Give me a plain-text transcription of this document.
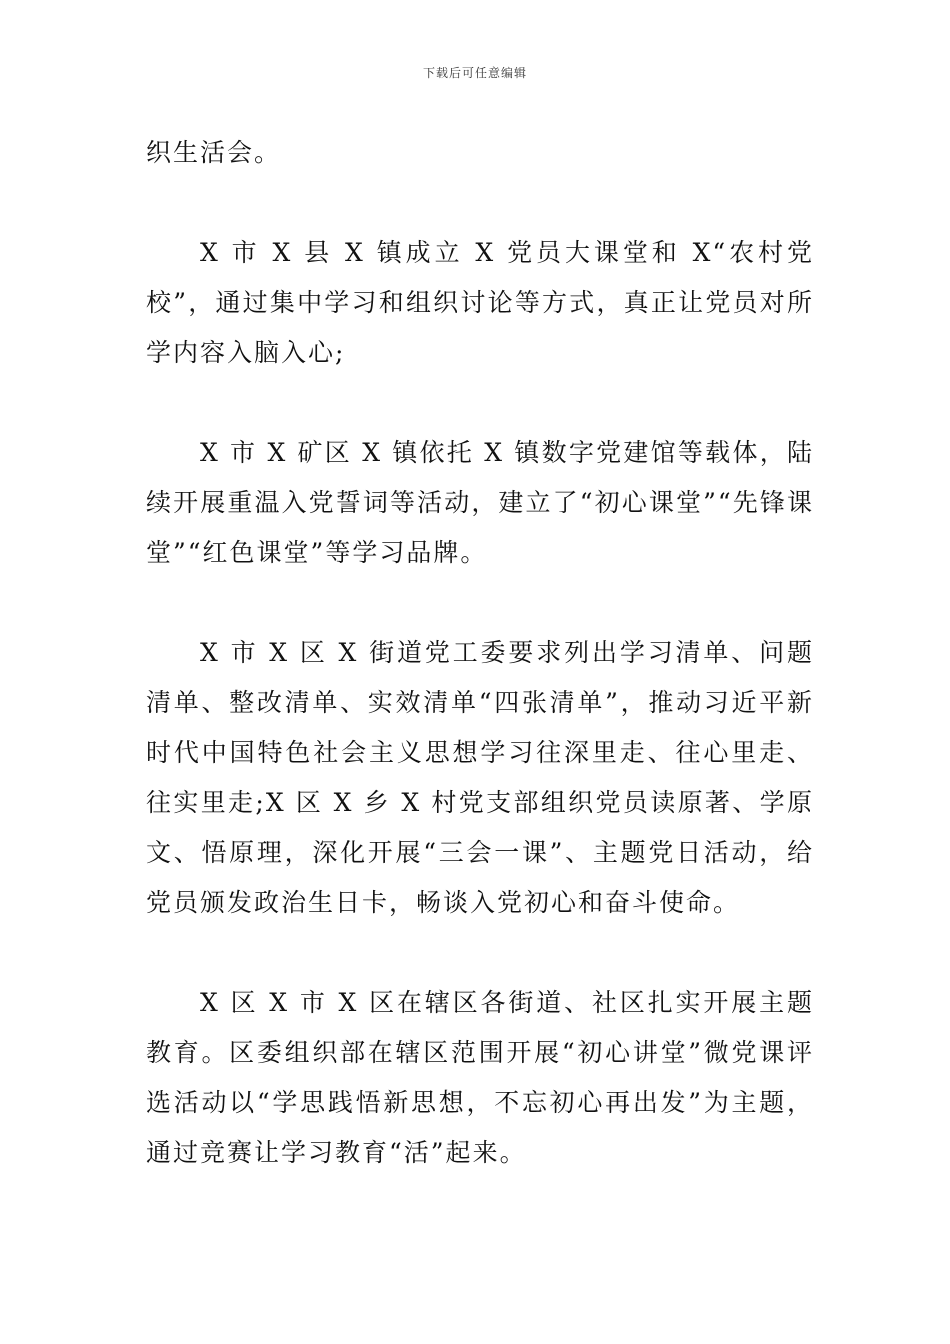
下载后可任意编辑

织生活会。

X 市 X 县 X 镇成立 X 党员大课堂和 X“农村党校”，通过集中学习和组织讨论等方式，真正让党员对所学内容入脑入心;

X 市 X 矿区 X 镇依托 X 镇数字党建馆等载体，陆续开展重温入党誓词等活动，建立了“初心课堂”“先锋课堂”“红色课堂”等学习品牌。

X 市 X 区 X 街道党工委要求列出学习清单、问题清单、整改清单、实效清单“四张清单”，推动习近平新时代中国特色社会主义思想学习往深里走、往心里走、往实里走;X 区 X 乡 X 村党支部组织党员读原著、学原文、悟原理，深化开展“三会一课”、主题党日活动，给党员颁发政治生日卡，畅谈入党初心和奋斗使命。

X 区 X 市 X 区在辖区各街道、社区扎实开展主题教育。区委组织部在辖区范围开展“初心讲堂”微党课评选活动以“学思践悟新思想，不忘初心再出发”为主题，通过竞赛让学习教育“活”起来。
